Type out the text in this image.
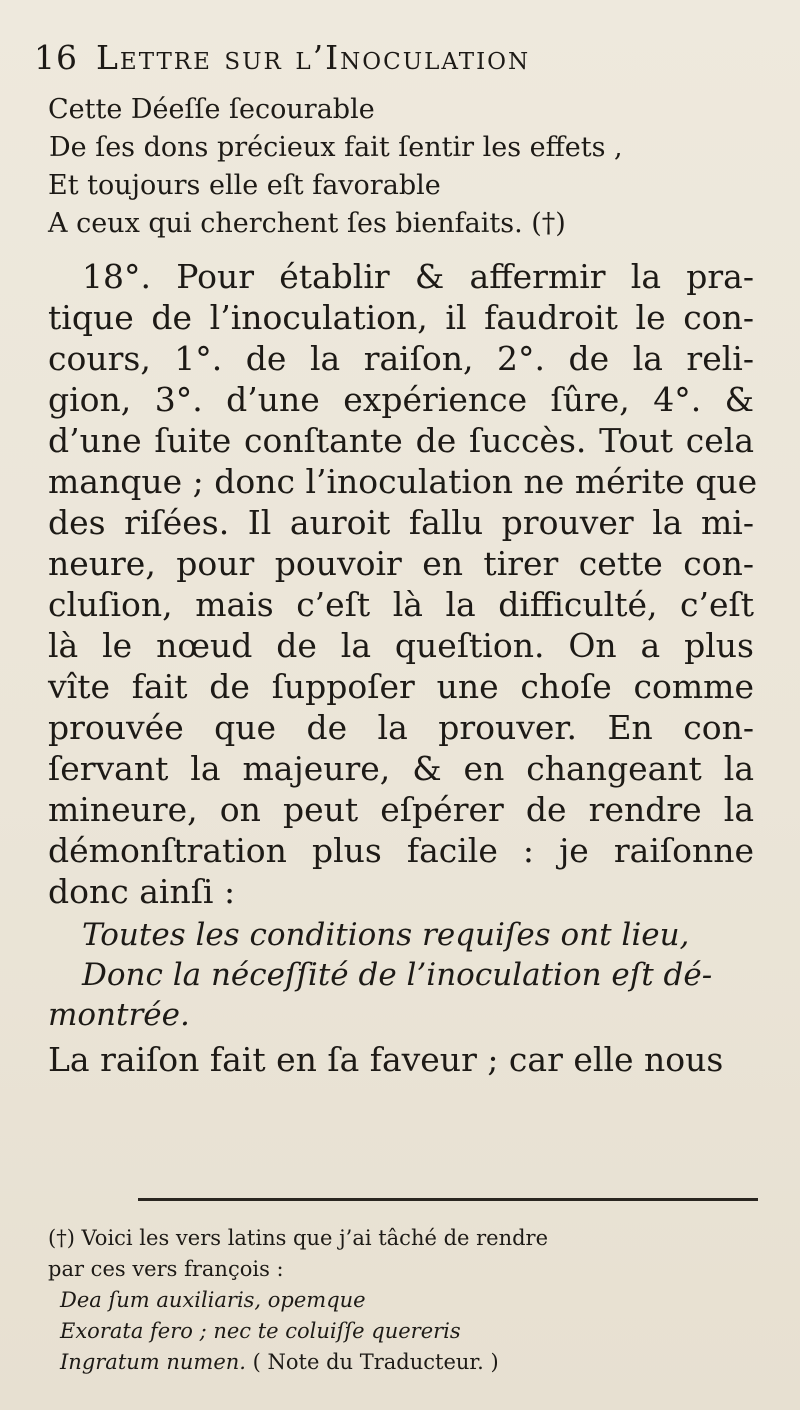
16 Lettre sur l’Inoculation
Cette Déeſſe ſecourable
De ſes dons précieux fait ſentir les effets ,
Et toujours elle eſt favorable
A ceux qui cherchent ſes bienfaits. (†)
18°. Pour établir & affermir la pra-
tique de l’inoculation, il faudroit le con-
cours, 1°. de la raiſon, 2°. de la reli-
gion, 3°. d’une expérience ſûre, 4°. &
d’une ſuite conſtante de ſuccès. Tout cela
manque ; donc l’inoculation ne mérite que
des riſées. Il auroit fallu prouver la mi-
neure, pour pouvoir en tirer cette con-
cluſion, mais c’eſt là la difficulté, c’eſt
là le nœud de la queſtion. On a plus
vîte fait de ſuppoſer une choſe comme
prouvée que de la prouver. En con-
ſervant la majeure, & en changeant la
mineure, on peut eſpérer de rendre la
démonſtration plus facile : je raiſonne
donc ainſi :
Toutes les conditions requiſes ont lieu,
Donc la néceſſité de l’inoculation eſt dé-
montrée.
La raiſon fait en ſa faveur ; car elle nous
(†) Voici les vers latins que j’ai tâché de rendre
par ces vers françois :
Dea ſum auxiliaris, opemque
Exorata fero ; nec te coluiſſe quereris
Ingratum numen. ( Note du Traducteur. )
